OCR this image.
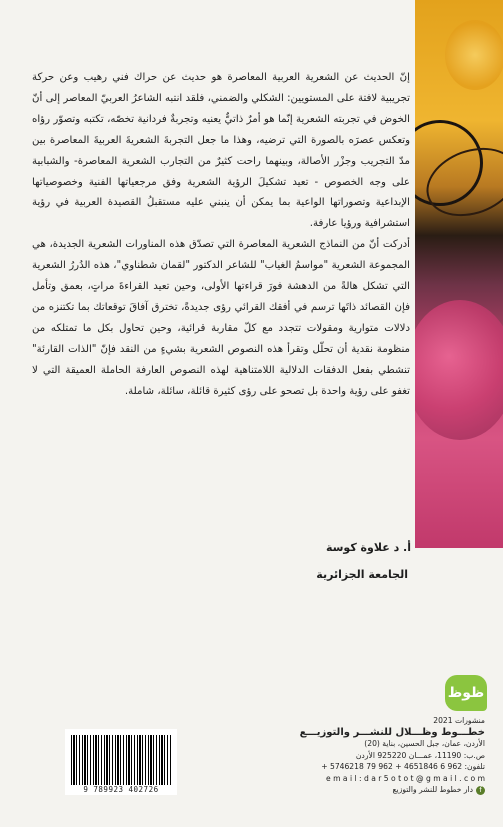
إنّ الحديث عن الشعرية العربية المعاصرة هو حديث عن حراك فني رهيب وعن حركة تجريبية لافتة على المستويين: الشكلي والضمني، فلقد انتبه الشاعرُ العربيّ المعاصر إلى أنّ الخوض في تجربته الشعرية إنّما هو أمرٌ ذاتيٌّ يعنيه وتجربةٌ فردانية تخصّه، تكتبه وتصوّر رؤاه وتعكس عصرَه بالصورة التي ترضيه، وهذا ما جعل التجربةَ الشعريةَ العربيةَ المعاصرة بين مدّ التجريب وجزْر الأصالة، وبينهما راحت كثيرٌ من التجارب الشعرية المعاصرة- والشبابية على وجه الخصوص - تعيد تشكيلَ الرؤية الشعرية وفق مرجعياتها الفنية وخصوصياتها الإبداعية وتصوراتها الواعية بما يمكن أن ينبني عليه مستقبلُ القصيدة العربية في رؤية استشرافية ورؤيا عارفة.

أدركت أنّ من النماذج الشعرية المعاصرة التي تصدّق هذه المناورات الشعرية الجديدة، هي المجموعة الشعرية "مواسمُ الغياب" للشاعر الدكتور "لقمان شطناوي"، هذه الدُررُ الشعرية التي تشكل هالةً من الدهشة فورَ قراءتها الأولى، وحين تعيد القراءةَ مراتٍ، بعمق وتأمل فإن القصائد ذاتَها ترسم في أفقك القرائي رؤى جديدةً، تخترق آفاقَ توقعاتك بما تكتنزه من دلالات متوارية ومقولات تتجدد مع كلّ مقاربة قرائية، وحين تحاول بكل ما تمتلكه من منظومة نقدية أن تحلّل وتقرأ هذه النصوص الشعرية بشيءٍ من النقد فإنّ "الذات القارئة" تنشطي بفعل الدفقات الدلالية اللامتناهية لهذه النصوص العارفة الحاملة العميقة التي لا تغفو على رؤية واحدة بل تصحو على رؤى كثيرة قائلة، سائلة، شاملة.

أ. د علاوة كوسة
الجامعة الجزائرية
ظوظ
منشورات 2021
خطـــوط وظـــلال للنشـــر والتوزيـــع
الأردن، عمان، جبل الحسين، بناية (20)
ص.ب: 11190، عمـــان 925220 الأردن
تلفون: 962 6 4651846 + 962 79 5746218 +
e m a i l : d a r 5 o t o t @ g m a i l . c o m
fدار خطوط للنشر والتوزيع
9 789923 402726
